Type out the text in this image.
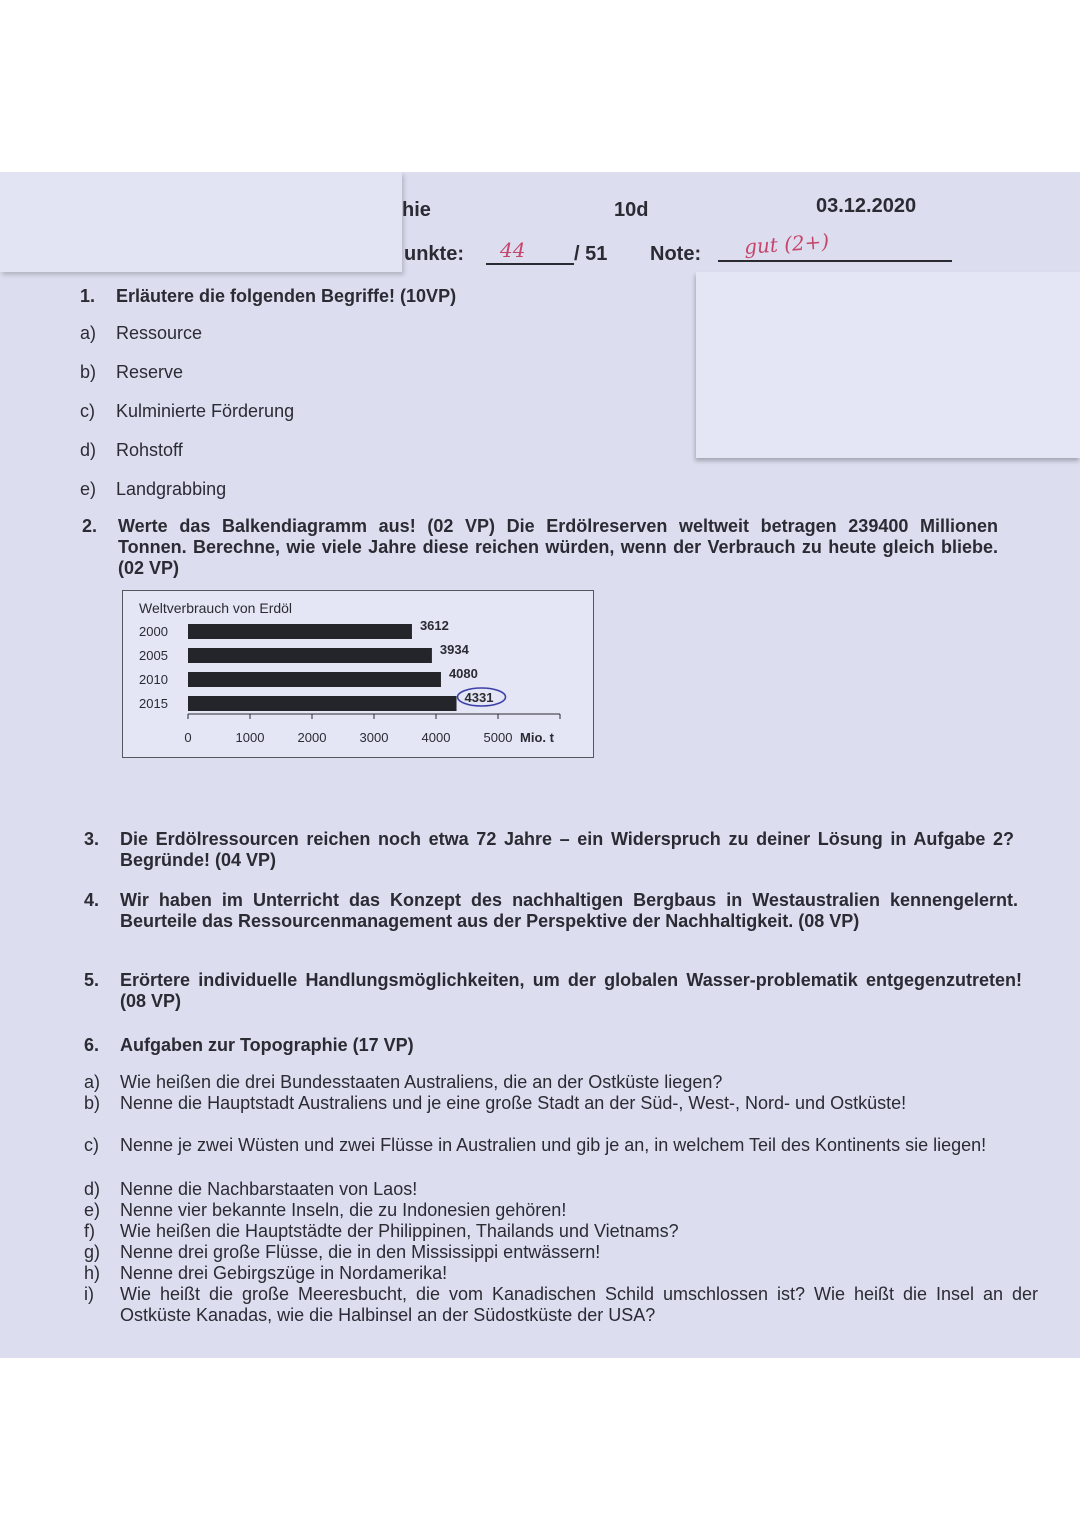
hie	10d	03.12.2020
unkte: 44 / 51 Note: gut (2+)
1. Erläutere die folgenden Begriffe! (10VP)
a) Ressource
b) Reserve
c) Kulminierte Förderung
d) Rohstoff
e) Landgrabbing
2. Werte das Balkendiagramm aus! (02 VP) Die Erdölreserven weltweit betragen 239400 Millionen Tonnen. Berechne, wie viele Jahre diese reichen würden, wenn der Verbrauch zu heute gleich bliebe. (02 VP)
Weltverbrauch von Erdöl
2000	3612
2005	3934
2010	4080
2015	4331
0	1000	2000	3000	4000	5000 Mio. t
3. Die Erdölressourcen reichen noch etwa 72 Jahre – ein Widerspruch zu deiner Lösung in Aufgabe 2? Begründe! (04 VP)
4. Wir haben im Unterricht das Konzept des nachhaltigen Bergbaus in Westaustralien kennengelernt. Beurteile das Ressourcenmanagement aus der Perspektive der Nachhaltigkeit. (08 VP)
5. Erörtere individuelle Handlungsmöglichkeiten, um der globalen Wasser-problematik entgegenzutreten! (08 VP)
6. Aufgaben zur Topographie (17 VP)
a) Wie heißen die drei Bundesstaaten Australiens, die an der Ostküste liegen?
b) Nenne die Hauptstadt Australiens und je eine große Stadt an der Süd-, West-, Nord- und Ostküste!
c) Nenne je zwei Wüsten und zwei Flüsse in Australien und gib je an, in welchem Teil des Kontinents sie liegen!
d) Nenne die Nachbarstaaten von Laos!
e) Nenne vier bekannte Inseln, die zu Indonesien gehören!
f) Wie heißen die Hauptstädte der Philippinen, Thailands und Vietnams?
g) Nenne drei große Flüsse, die in den Mississippi entwässern!
h) Nenne drei Gebirgszüge in Nordamerika!
i) Wie heißt die große Meeresbucht, die vom Kanadischen Schild umschlossen ist? Wie heißt die Insel an der Ostküste Kanadas, wie die Halbinsel an der Südostküste der USA?
